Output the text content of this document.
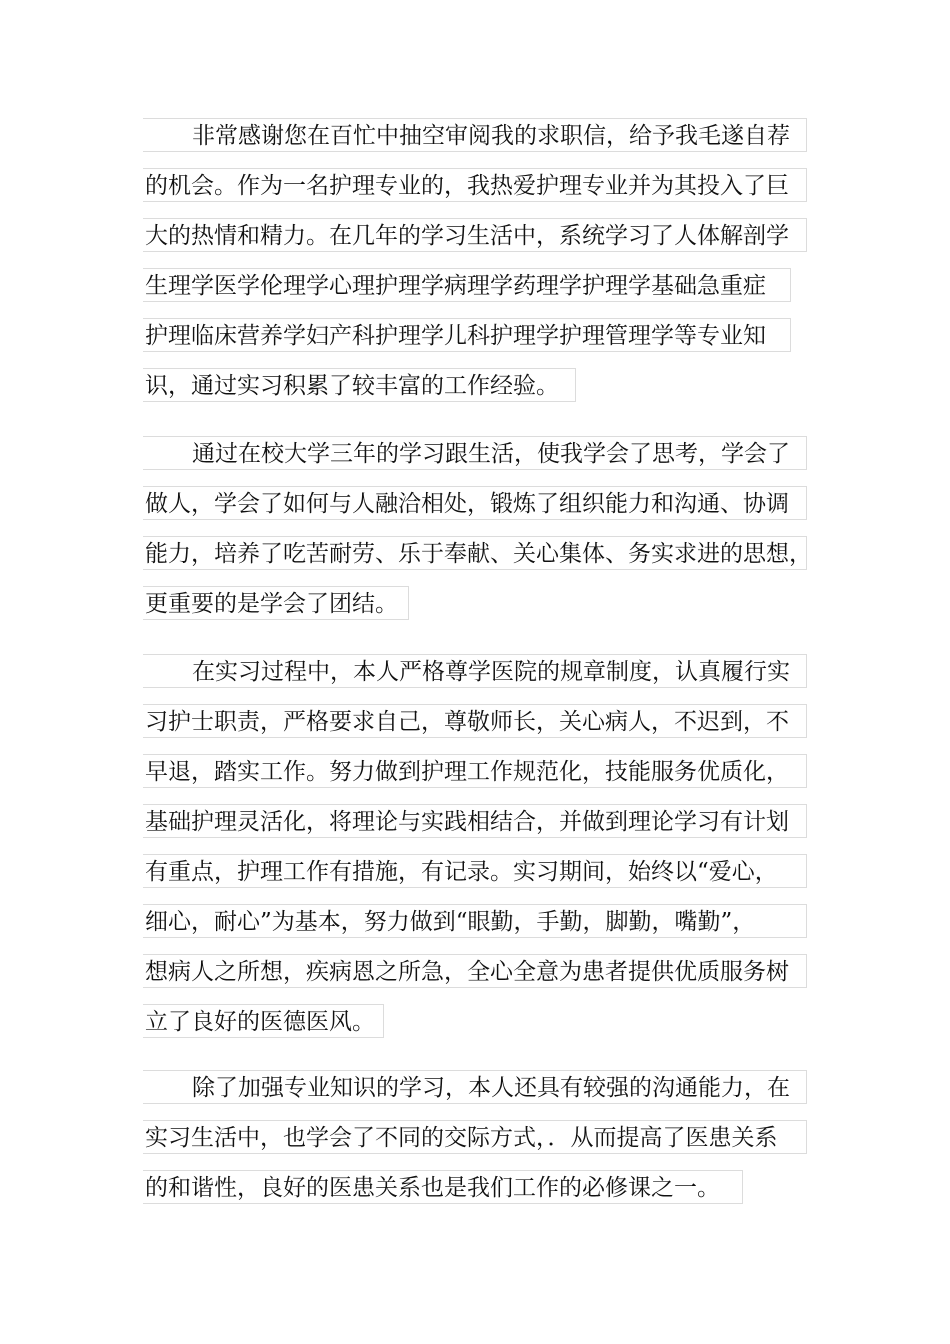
非常感谢您在百忙中抽空审阅我的求职信，给予我毛遂自荐
的机会。作为一名护理专业的，我热爱护理专业并为其投入了巨
大的热情和精力。在几年的学习生活中，系统学习了人体解剖学
生理学医学伦理学心理护理学病理学药理学护理学基础急重症
护理临床营养学妇产科护理学儿科护理学护理管理学等专业知
识，通过实习积累了较丰富的工作经验。
通过在校大学三年的学习跟生活，使我学会了思考，学会了
做人，学会了如何与人融洽相处，锻炼了组织能力和沟通、协调
能力，培养了吃苦耐劳、乐于奉献、关心集体、务实求进的思想，
更重要的是学会了团结。
在实习过程中，本人严格尊学医院的规章制度，认真履行实
习护士职责，严格要求自己，尊敬师长，关心病人，不迟到，不
早退，踏实工作。努力做到护理工作规范化，技能服务优质化，
基础护理灵活化，将理论与实践相结合，并做到理论学习有计划
有重点，护理工作有措施，有记录。实习期间，始终以“爱心，
细心，耐心”为基本，努力做到“眼勤，手勤，脚勤，嘴勤”，
想病人之所想，疾病恩之所急，全心全意为患者提供优质服务树
立了良好的医德医风。
除了加强专业知识的学习，本人还具有较强的沟通能力，在
实习生活中，也学会了不同的交际方式，．从而提高了医患关系
的和谐性，良好的医患关系也是我们工作的必修课之一。
